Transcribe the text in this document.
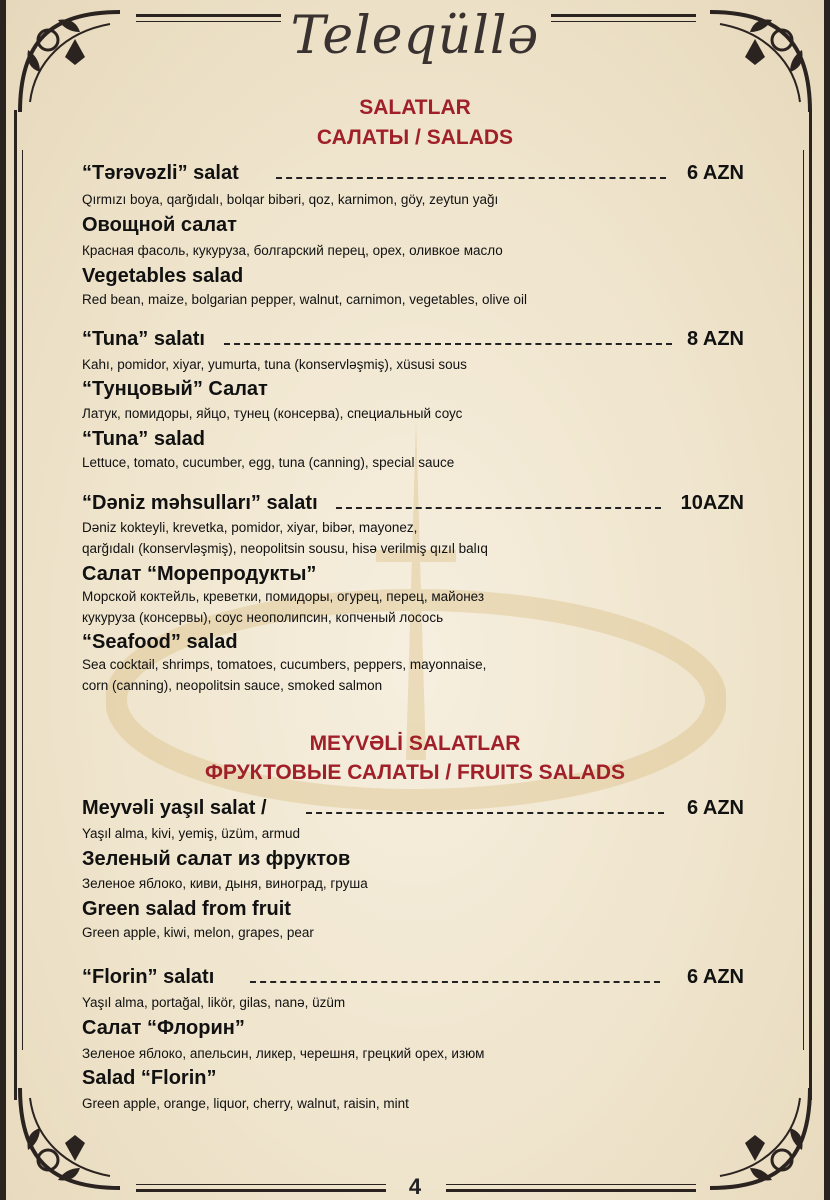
Teleqüllə
SALATLAR
САЛАТЫ / SALADS
“Tərəvəzli” salat	6 AZN
Qırmızı boya, qarğıdalı, bolqar bibəri, qoz, karnimon, göy, zeytun yağı
Овощной салат
Красная фасоль, кукуруза, болгарский перец, орех, оливкое масло
Vegetables salad
Red bean, maize, bolgarian pepper, walnut, carnimon, vegetables, olive oil
“Tuna” salatı	8 AZN
Kahı, pomidor, xiyar, yumurta, tuna (konservləşmiş), xüsusi sous
“Тунцовый” Салат
Латук, помидоры, яйцо, тунец (консерва), специальный соус
“Tuna” salad
Lettuce, tomato, cucumber, egg, tuna (canning), special sauce
“Dəniz məhsulları” salatı	10AZN
Dəniz kokteyli, krevetka, pomidor, xiyar, bibər, mayonez,
qarğıdalı (konservləşmiş), neopolitsin sousu, hisə verilmiş qızıl balıq
Салат “Морепродукты”
Морской коктейль, креветки, помидоры, огурец, перец, майонез
кукуруза (консервы), соус неополипсин, копченый лосось
“Seafood” salad
Sea cocktail, shrimps, tomatoes, cucumbers, peppers, mayonnaise,
corn (canning), neopolitsin sauce, smoked salmon
MEYVƏLİ SALATLAR
ФРУКТОВЫЕ САЛАТЫ / FRUITS SALADS
Meyvəli yaşıl salat /	6 AZN
Yaşıl alma, kivi, yemiş, üzüm, armud
Зеленый салат из фруктов
Зеленое яблоко, киви, дыня, виноград, груша
Green salad from fruit
Green apple, kiwi, melon, grapes, pear
“Florin” salatı	6 AZN
Yaşıl alma, portağal, likör, gilas, nanə, üzüm
Салат “Флорин”
Зеленое яблоко, апельсин, ликер, черешня, грецкий орех, изюм
Salad “Florin”
Green apple, orange, liquor, cherry, walnut, raisin, mint
4
